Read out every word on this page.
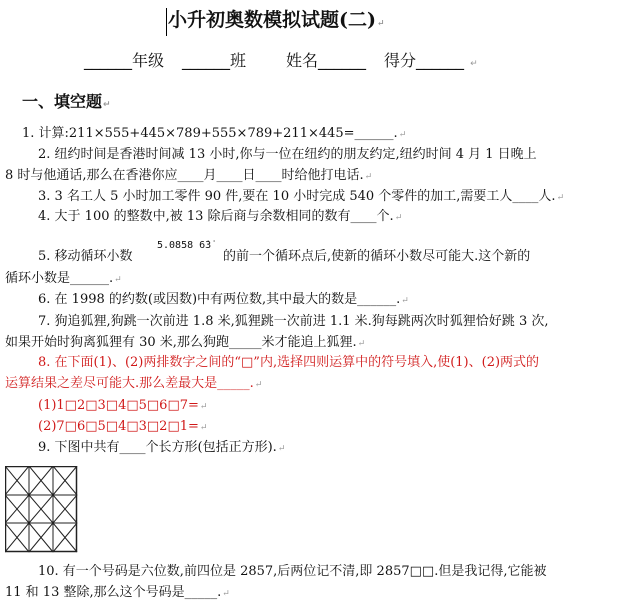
小升初奥数模拟试题(二) ↵
______年级 ______班	姓名______ 得分______ ↵
一、填空题 ↵
1. 计算:211×555+445×789+555×789+211×445=______. ↵
2. 纽约时间是香港时间减 13 小时,你与一位在纽约的朋友约定,纽约时间 4 月 1 日晚上
8 时与他通话,那么在香港你应____月____日____时给他打电话. ↵
3. 3 名工人 5 小时加工零件 90 件,要在 10 小时完成 540 个零件的加工,需要工人____人. ↵
4. 大于 100 的整数中,被 13 除后商与余数相同的数有____个. ↵
5. 移动循环小数
5.0858 6̇3̇
的前一个循环点后,使新的循环小数尽可能大.这个新的
循环小数是______. ↵
6. 在 1998 的约数(或因数)中有两位数,其中最大的数是______. ↵
7. 狗追狐狸,狗跳一次前进 1.8 米,狐狸跳一次前进 1.1 米.狗每跳两次时狐狸恰好跳 3 次,
如果开始时狗离狐狸有 30 米,那么狗跑_____米才能追上狐狸. ↵
8. 在下面(1)、(2)两排数字之间的“□”内,选择四则运算中的符号填入,使(1)、(2)两式的
运算结果之差尽可能大.那么差最大是_____. ↵
(1)1□2□3□4□5□6□7= ↵
(2)7□6□5□4□3□2□1= ↵
9. 下图中共有____个长方形(包括正方形). ↵
10. 有一个号码是六位数,前四位是 2857,后两位记不清,即 2857□□.但是我记得,它能被
11 和 13 整除,那么这个号码是_____. ↵
